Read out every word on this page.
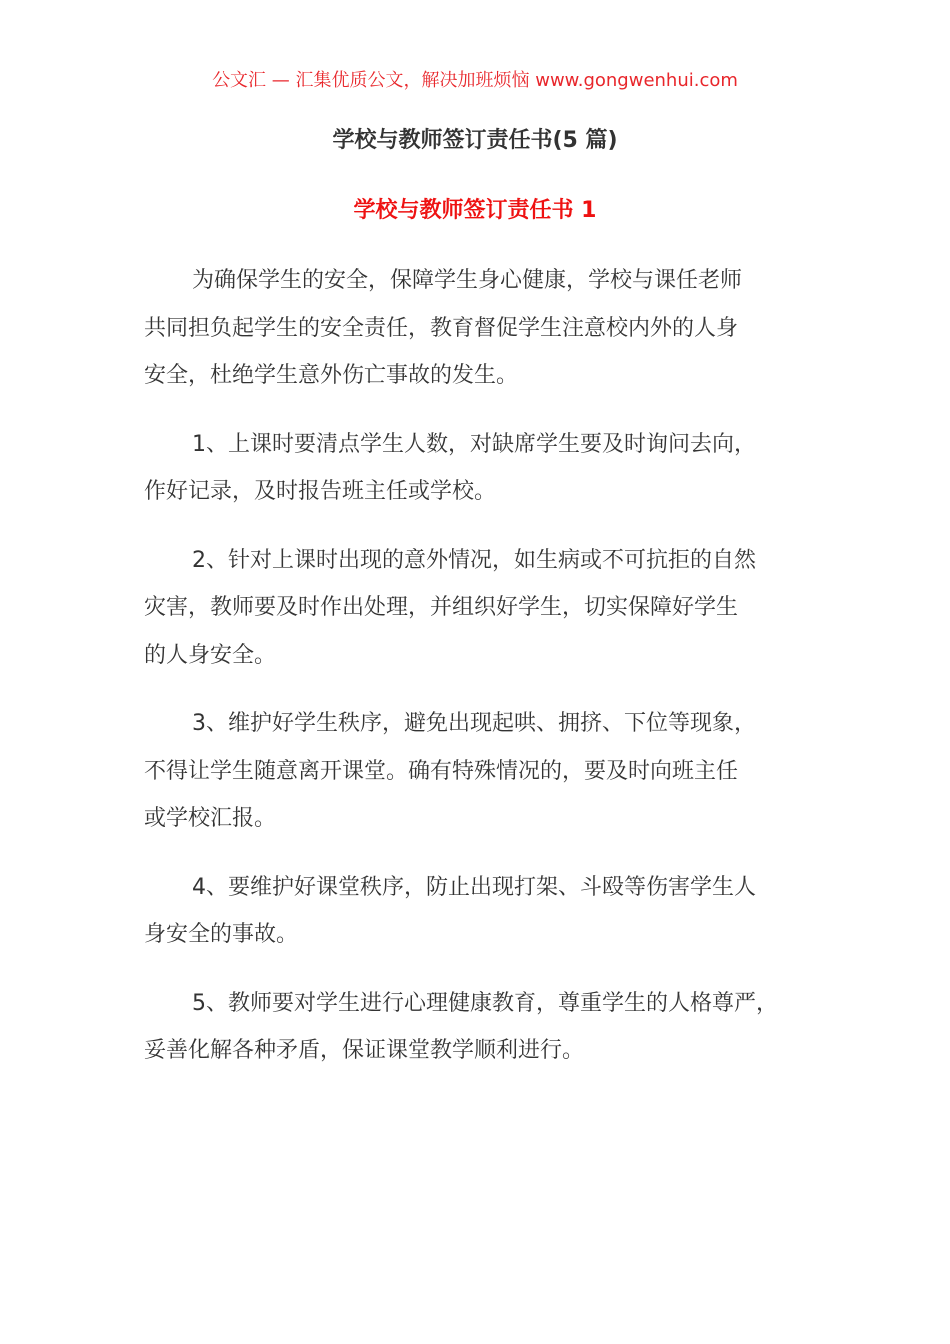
公文汇 — 汇集优质公文，解决加班烦恼 www.gongwenhui.com
学校与教师签订责任书(5 篇)
学校与教师签订责任书 1
为确保学生的安全，保障学生身心健康，学校与课任老师
共同担负起学生的安全责任，教育督促学生注意校内外的人身
安全，杜绝学生意外伤亡事故的发生。
1、上课时要清点学生人数，对缺席学生要及时询问去向，
作好记录，及时报告班主任或学校。
2、针对上课时出现的意外情况，如生病或不可抗拒的自然
灾害，教师要及时作出处理，并组织好学生，切实保障好学生
的人身安全。
3、维护好学生秩序，避免出现起哄、拥挤、下位等现象，
不得让学生随意离开课堂。确有特殊情况的，要及时向班主任
或学校汇报。
4、要维护好课堂秩序，防止出现打架、斗殴等伤害学生人
身安全的事故。
5、教师要对学生进行心理健康教育，尊重学生的人格尊严，
妥善化解各种矛盾，保证课堂教学顺利进行。
